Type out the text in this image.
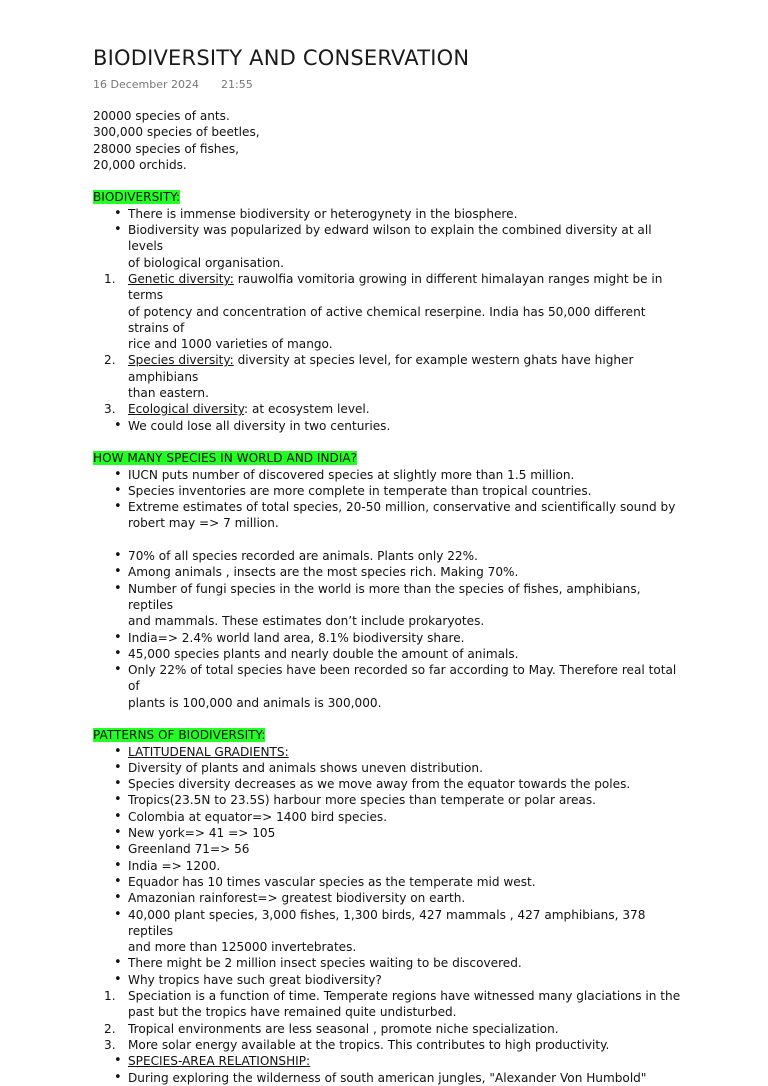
BIODIVERSITY AND CONSERVATION
16 December 2024 21:55

20000 species of ants.

300,000 species of beetles,

28000 species of fishes,

20,000 orchids.

BIODIVERSITY:

• There is immense biodiversity or heterogynety in the biosphere.
• Biodiversity was popularized by edward wilson to explain the combined diversity at all levels
of biological organisation.
1. Genetic diversity: rauwolfia vomitoria growing in different himalayan ranges might be in terms
of potency and concentration of active chemical reserpine. India has 50,000 different strains of
rice and 1000 varieties of mango.
2. Species diversity: diversity at species level, for example western ghats have higher amphibians
than eastern.
3. Ecological diversity: at ecosystem level.
• We could lose all diversity in two centuries.

HOW MANY SPECIES IN WORLD AND INDIA?

• IUCN puts number of discovered species at slightly more than 1.5 million.
• Species inventories are more complete in temperate than tropical countries.
• Extreme estimates of total species, 20-50 million, conservative and scientifically sound by
robert may => 7 million.
• 70% of all species recorded are animals. Plants only 22%.
• Among animals , insects are the most species rich. Making 70%.
• Number of fungi species in the world is more than the species of fishes, amphibians, reptiles
and mammals. These estimates don’t include prokaryotes.
• India=> 2.4% world land area, 8.1% biodiversity share.
• 45,000 species plants and nearly double the amount of animals.
• Only 22% of total species have been recorded so far according to May. Therefore real total of
plants is 100,000 and animals is 300,000.

PATTERNS OF BIODIVERSITY:

• LATITUDENAL GRADIENTS:
• Diversity of plants and animals shows uneven distribution.
• Species diversity decreases as we move away from the equator towards the poles.
• Tropics(23.5N to 23.5S) harbour more species than temperate or polar areas.
• Colombia at equator=> 1400 bird species.
• New york=> 41 => 105
• Greenland 71=> 56
• India => 1200.
• Equador has 10 times vascular species as the temperate mid west.
• Amazonian rainforest=> greatest biodiversity on earth.
• 40,000 plant species, 3,000 fishes, 1,300 birds, 427 mammals , 427 amphibians, 378 reptiles
and more than 125000 invertebrates.
• There might be 2 million insect species waiting to be discovered.
• Why tropics have such great biodiversity?
1. Speciation is a function of time. Temperate regions have witnessed many glaciations in the
past but the tropics have remained quite undisturbed.
2. Tropical environments are less seasonal , promote niche specialization.
3. More solar energy available at the tropics. This contributes to high productivity.
• SPECIES-AREA RELATIONSHIP:
• During exploring the wilderness of south american jungles, "Alexander Von Humbold"
